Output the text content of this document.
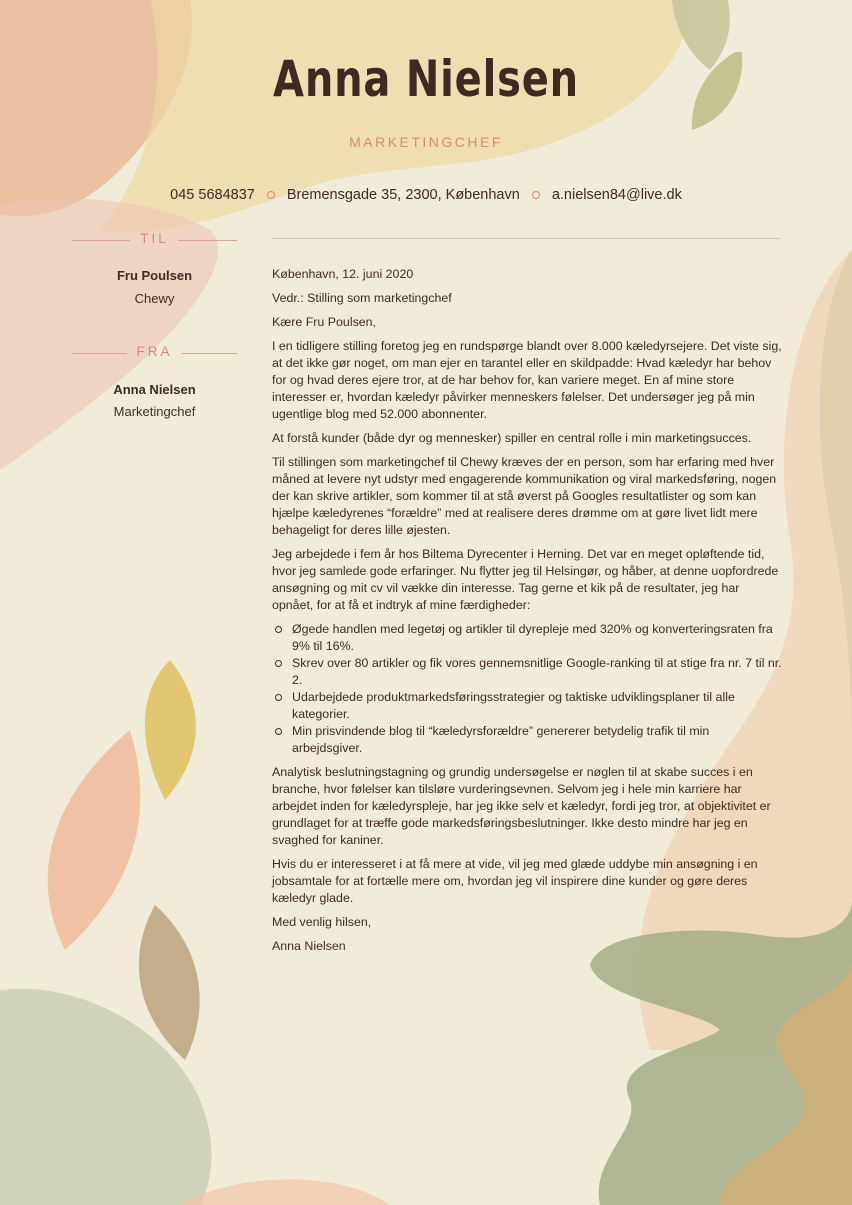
Anna Nielsen
MARKETINGCHEF
045 5684837 Bremensgade 35, 2300, København a.nielsen84@live.dk
TIL
Fru Poulsen
Chewy
FRA
Anna Nielsen
Marketingchef

København, 12. juni 2020

Vedr.: Stilling som marketingchef

Kære Fru Poulsen,

I en tidligere stilling foretog jeg en rundspørge blandt over 8.000 kæledyrsejere. Det viste sig, at det ikke gør noget, om man ejer en tarantel eller en skildpadde: Hvad kæledyr har behov for og hvad deres ejere tror, at de har behov for, kan variere meget. En af mine store interesser er, hvordan kæledyr påvirker menneskers følelser. Det undersøger jeg på min ugentlige blog med 52.000 abonnenter.

At forstå kunder (både dyr og mennesker) spiller en central rolle i min marketingsucces.

Til stillingen som marketingchef til Chewy kræves der en person, som har erfaring med hver måned at levere nyt udstyr med engagerende kommunikation og viral markedsføring, nogen der kan skrive artikler, som kommer til at stå øverst på Googles resultatlister og som kan hjælpe kæledyrenes “forældre” med at realisere deres drømme om at gøre livet lidt mere behageligt for deres lille øjesten.

Jeg arbejdede i fem år hos Biltema Dyrecenter i Herning. Det var en meget opløftende tid, hvor jeg samlede gode erfaringer. Nu flytter jeg til Helsingør, og håber, at denne uopfordrede ansøgning og mit cv vil vække din interesse. Tag gerne et kik på de resultater, jeg har opnået, for at få et indtryk af mine færdigheder:

Øgede handlen med legetøj og artikler til dyrepleje med 320% og konverteringsraten fra 9% til 16%.
Skrev over 80 artikler og fik vores gennemsnitlige Google-ranking til at stige fra nr. 7 til nr. 2.
Udarbejdede produktmarkedsføringsstrategier og taktiske udviklingsplaner til alle kategorier.
Min prisvindende blog til “kæledyrsforældre” genererer betydelig trafik til min arbejdsgiver.

Analytisk beslutningstagning og grundig undersøgelse er nøglen til at skabe succes i en branche, hvor følelser kan tilsløre vurderingsevnen. Selvom jeg i hele min karriere har arbejdet inden for kæledyrspleje, har jeg ikke selv et kæledyr, fordi jeg tror, at objektivitet er grundlaget for at træffe gode markedsføringsbeslutninger. Ikke desto mindre har jeg en svaghed for kaniner.

Hvis du er interesseret i at få mere at vide, vil jeg med glæde uddybe min ansøgning i en jobsamtale for at fortælle mere om, hvordan jeg vil inspirere dine kunder og gøre deres kæledyr glade.

Med venlig hilsen,

Anna Nielsen
